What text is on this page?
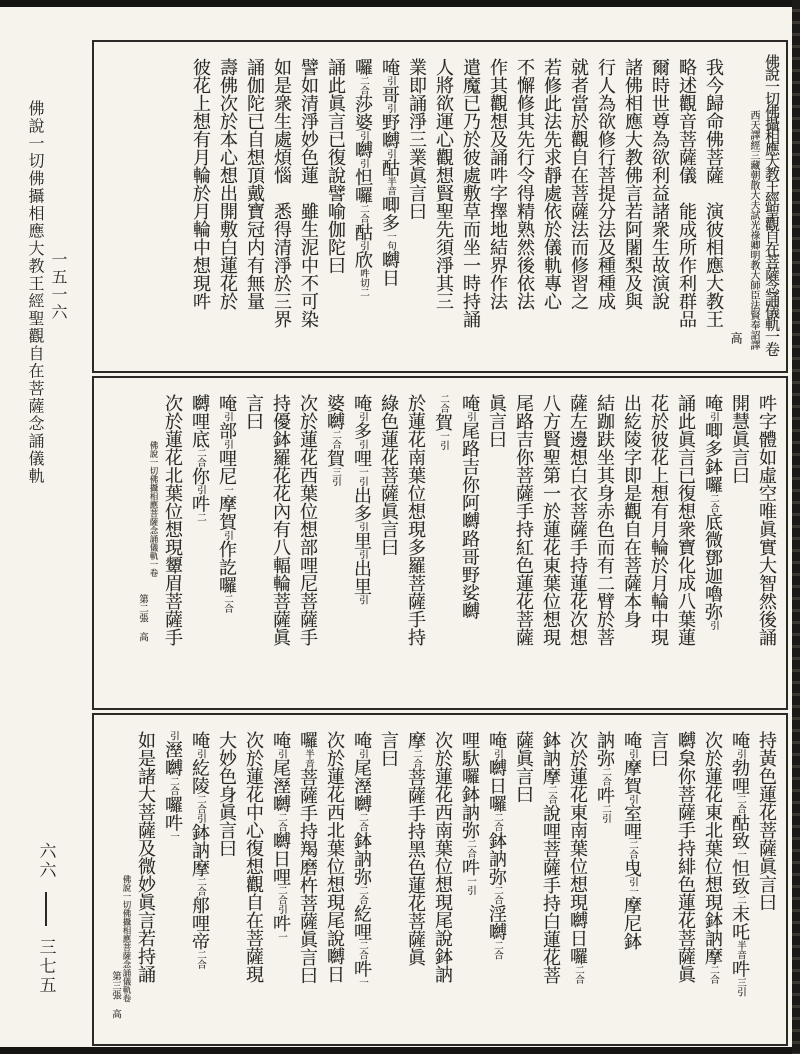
一五一六
佛說一切佛攝相應大教王經聖觀自在菩薩念誦儀軌
六六
三七五
佛說一切佛攝相應大教王經聖觀自在菩薩念誦儀軌一卷
西天譯經三藏朝散大夫試光祿卿明教大師臣法賢奉詔譯
高
我今歸命佛菩薩　演彼相應大教王
略述觀音菩薩儀　能成所作利群品
爾時世尊為欲利益諸衆生故演說
諸佛相應大教佛言若阿闍梨及與
行人為欲修行菩提分法及種種成
就者當於觀自在菩薩法而修習之
若修此法先求靜處依於儀軌專心
不懈修其先行令得精熟然後依法
作其觀想及誦吽字擇地結界作法
遣魔已乃於彼處敷草而坐一時持誦
人將欲運心觀想賢聖先須淨其三
業即誦淨三業眞言曰
唵引哥引野嚩引酤半音唧多一句嚩日
囉二合莎婆引嚩引怛囉二合酤引欣吽切二
誦此眞言已復說譬喻伽陀曰
譬如清淨妙色蓮　雖生泥中不可染
如是衆生處煩惱　悉得清淨於三界
誦伽陀已自想頂戴寶冠内有無量
壽佛次於本心想出開敷白蓮花於
彼花上想有月輪於月輪中想現吽
吽字體如虛空唯眞實大智然後誦
開慧眞言曰
唵引唧多鉢囉二合底微鄧迦嚕弥引
誦此眞言已復想衆寶化成八葉蓮
花於彼花上想有月輪於月輪中現
出紇陵字即是觀自在菩薩本身
結跏趺坐其身赤色而有二臂於菩
薩左邊想白衣菩薩手持蓮花次想
八方賢聖第一於蓮花東葉位想現
尾路吉你菩薩手持紅色蓮花菩薩
眞言曰
唵引尾路吉你阿嚩路哥野娑嚩
二合賀一引
於蓮花南葉位想現多羅菩薩手持
綠色蓮花菩薩眞言曰
唵引多引哩一引出多引里引出里引
婆嚩二合賀三引
次於蓮花西葉位想部哩尼菩薩手
持優鉢羅花花內有八輻輪菩薩眞
言曰
唵引部引哩尼一摩賀引作訖囉二合
嚩哩底二合你引吽二
次於蓮花北葉位想現顰眉菩薩手
佛說一切佛攝相應菩薩念誦儀軌一卷
第二張　高
持黃色蓮花菩薩眞言曰
唵引勃哩二合酤致一怛致二末吒半音吽三引
次於蓮花東北葉位想現鉢訥摩二合
嚩枲你菩薩手持緋色蓮花菩薩眞
言曰
唵引摩賀引室哩二合曳引一摩尼鉢
訥弥二合吽二引
次於蓮花東南葉位想現嚩日囉二合
鉢訥摩二合說哩菩薩手持白蓮花菩
薩眞言曰
唵引嚩日囉二合鉢訥弥二合淫嚩二合
哩馱囉鉢訥弥二合吽一引
次於蓮花西南葉位想現尾說鉢訥
摩二合菩薩手持黑色蓮花菩薩眞
言曰
唵引尾溼嚩二合鉢訥弥二合紇哩二合吽一
次於蓮花西北葉位想現尾說嚩日
囉半音菩薩手持羯磨杵菩薩眞言曰
唵引尾溼嚩二合嚩日哩二合引吽一
次於蓮花中心復想觀自在菩薩現
大妙色身眞言曰
唵引紇陵二合引鉢訥摩二合郍哩帝二合
引溼嚩二合囉吽一
如是諸大菩薩及微妙眞言若持誦
佛說一切佛攝相應菩薩念誦儀軌卷
第三張　高
